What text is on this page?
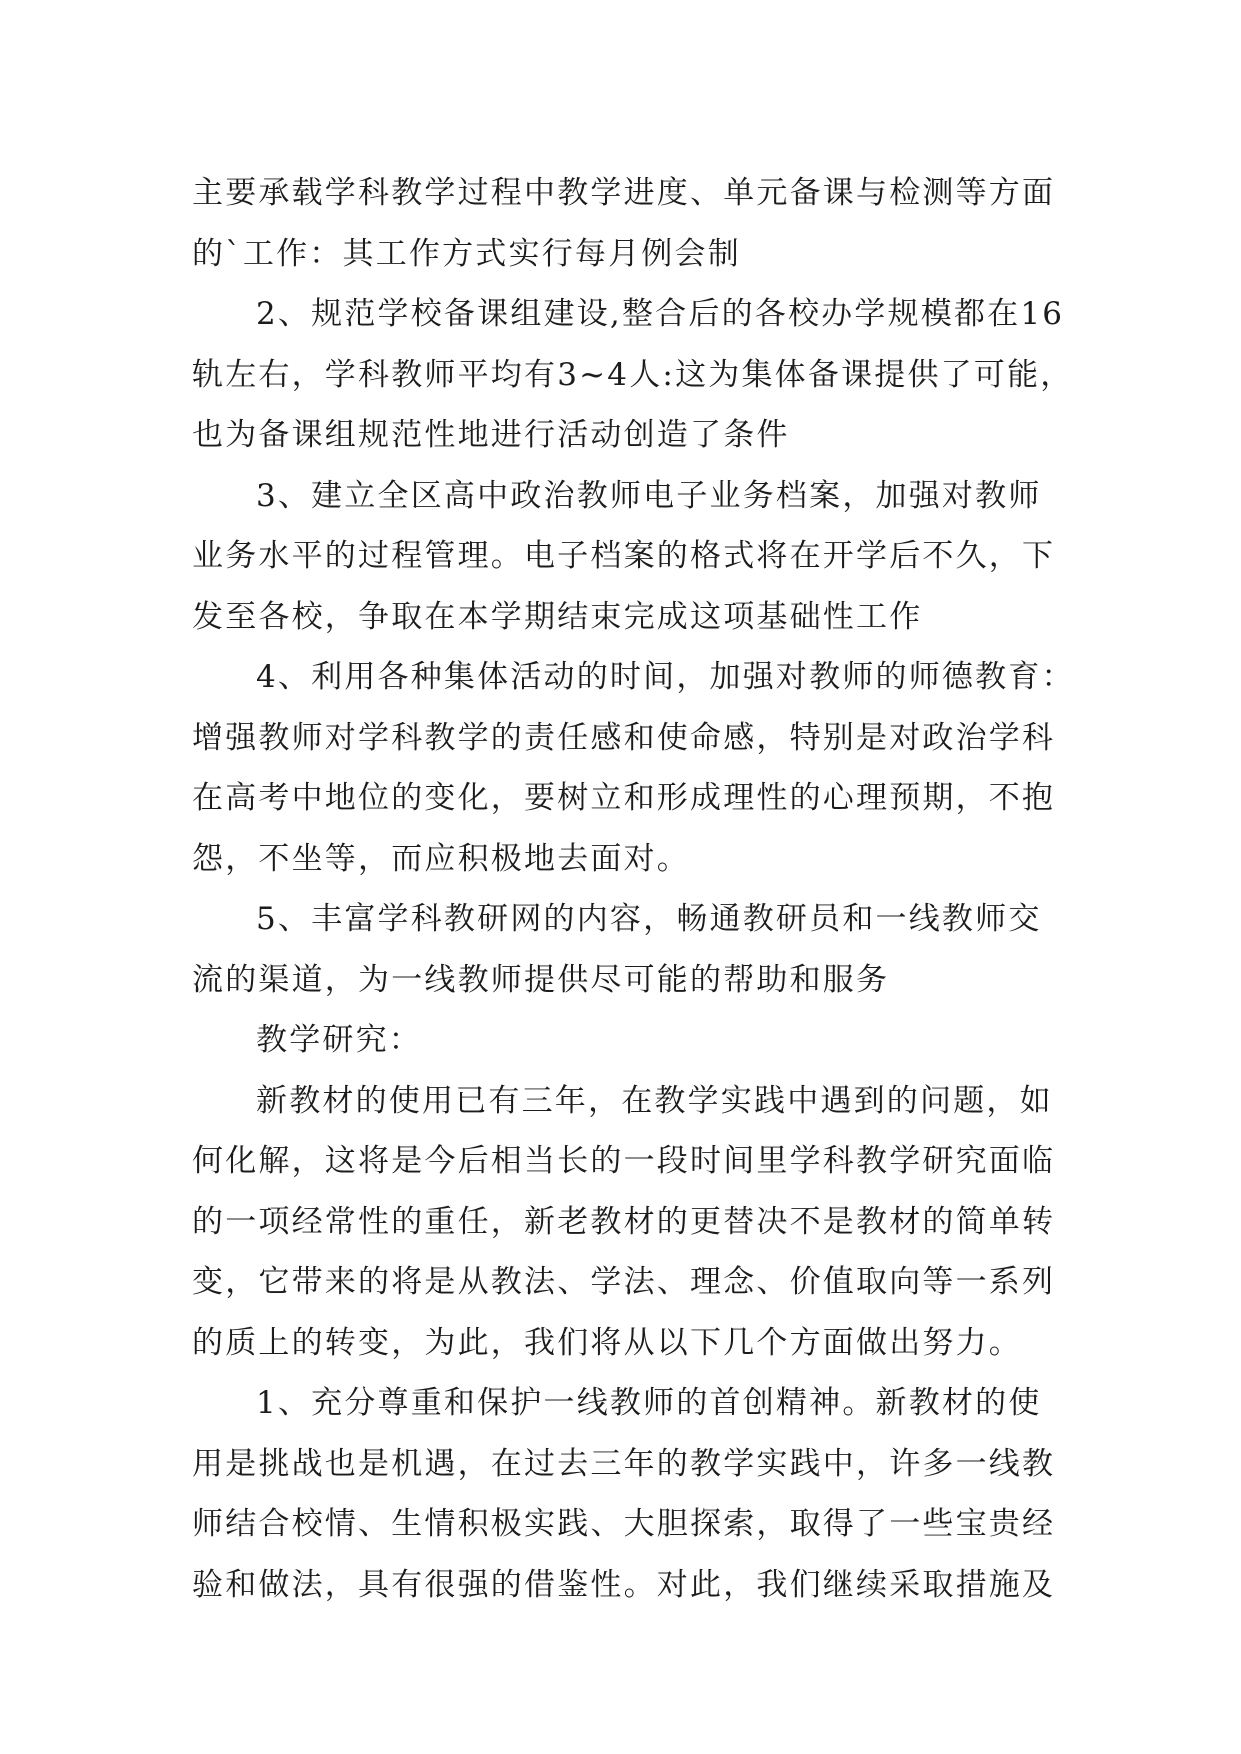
主要承载学科教学过程中教学进度、单元备课与检测等方面
的`工作：其工作方式实行每月例会制
2、规范学校备课组建设,整合后的各校办学规模都在16
轨左右，学科教师平均有3~4人:这为集体备课提供了可能，
也为备课组规范性地进行活动创造了条件
3、建立全区高中政治教师电子业务档案，加强对教师
业务水平的过程管理。电子档案的格式将在开学后不久，下
发至各校，争取在本学期结束完成这项基础性工作
4、利用各种集体活动的时间，加强对教师的师德教育：
增强教师对学科教学的责任感和使命感，特别是对政治学科
在高考中地位的变化，要树立和形成理性的心理预期，不抱
怨，不坐等，而应积极地去面对。
5、丰富学科教研网的内容，畅通教研员和一线教师交
流的渠道，为一线教师提供尽可能的帮助和服务
教学研究：
新教材的使用已有三年，在教学实践中遇到的问题，如
何化解，这将是今后相当长的一段时间里学科教学研究面临
的一项经常性的重任，新老教材的更替决不是教材的简单转
变，它带来的将是从教法、学法、理念、价值取向等一系列
的质上的转变，为此，我们将从以下几个方面做出努力。
1、充分尊重和保护一线教师的首创精神。新教材的使
用是挑战也是机遇，在过去三年的教学实践中，许多一线教
师结合校情、生情积极实践、大胆探索，取得了一些宝贵经
验和做法，具有很强的借鉴性。对此，我们继续采取措施及
